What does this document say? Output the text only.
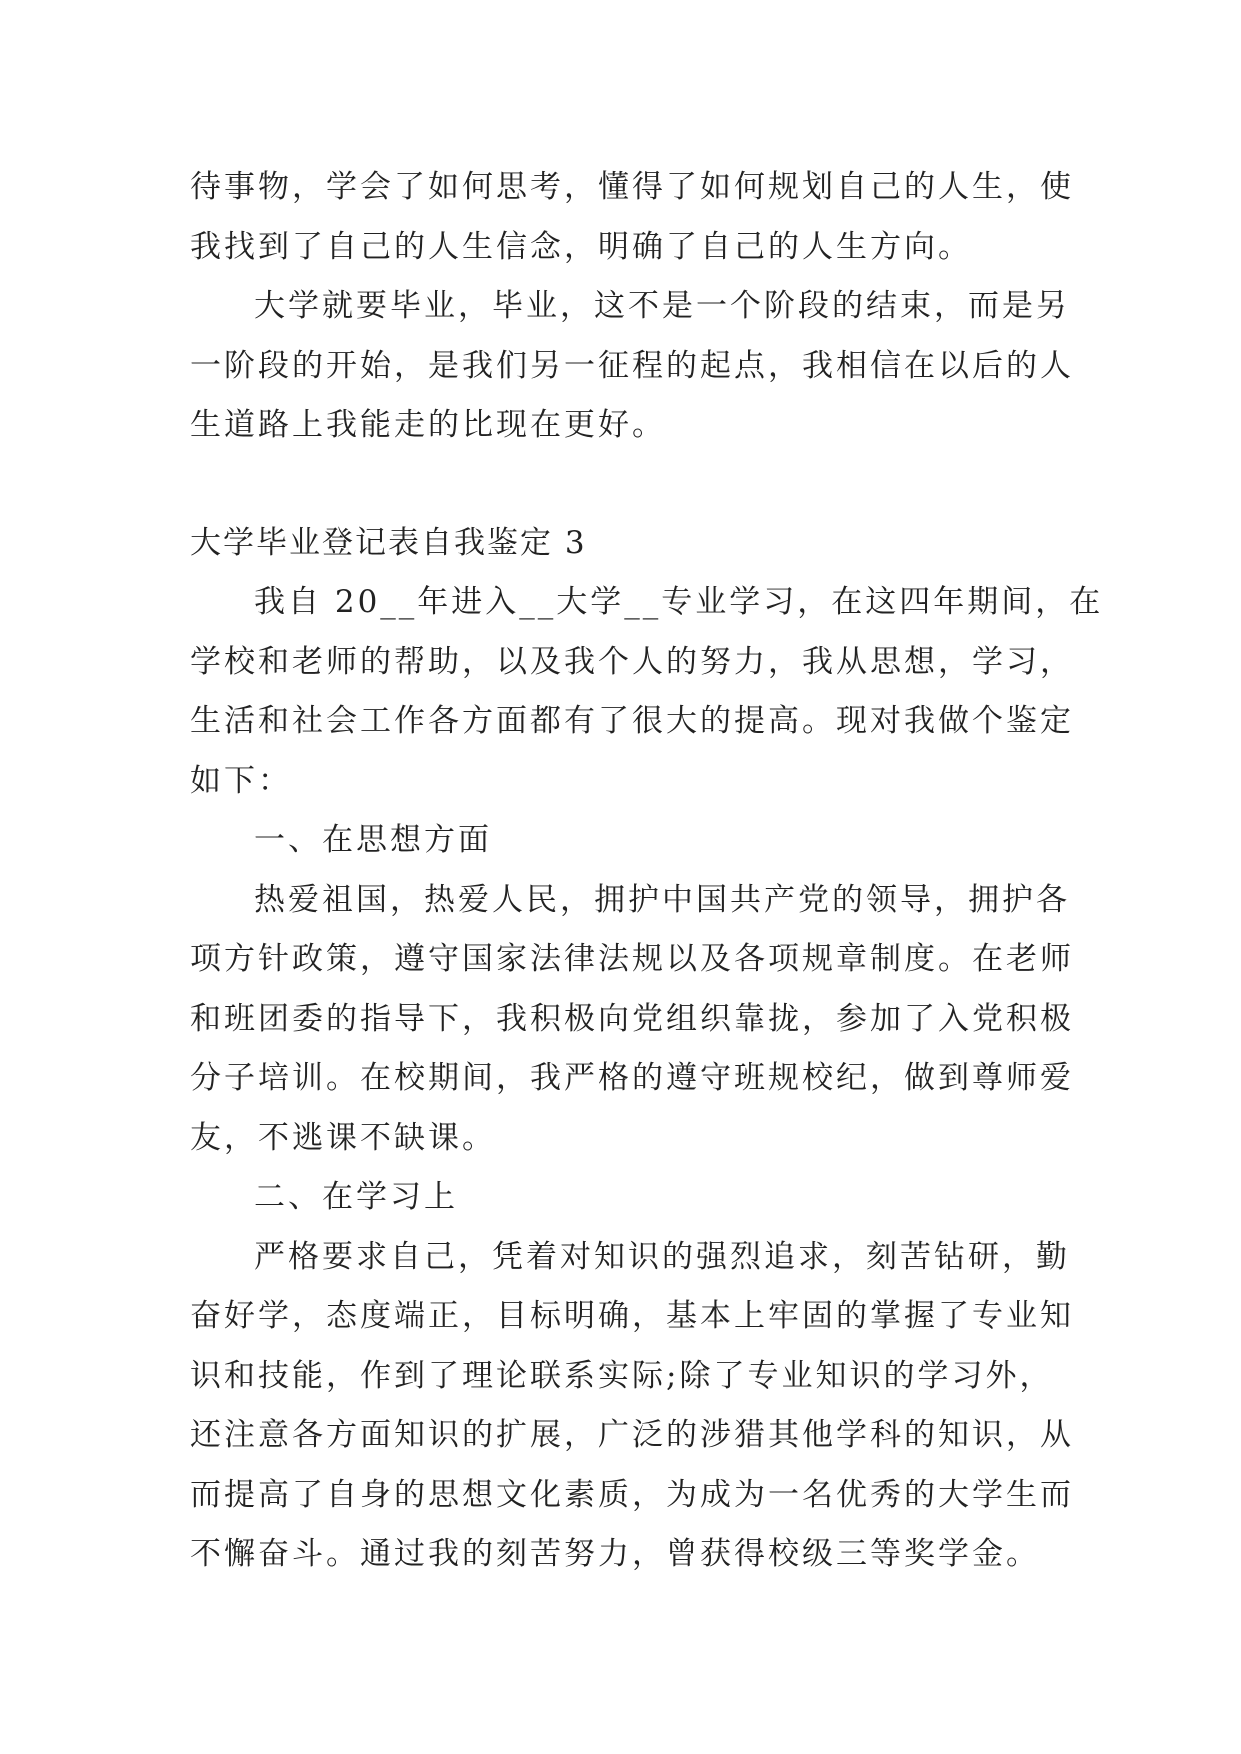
待事物，学会了如何思考，懂得了如何规划自己的人生，使
我找到了自己的人生信念，明确了自己的人生方向。
大学就要毕业，毕业，这不是一个阶段的结束，而是另
一阶段的开始，是我们另一征程的起点，我相信在以后的人
生道路上我能走的比现在更好。
大学毕业登记表自我鉴定 3
我自 20__年进入__大学__专业学习，在这四年期间，在
学校和老师的帮助，以及我个人的努力，我从思想，学习，
生活和社会工作各方面都有了很大的提高。现对我做个鉴定
如下：
一、在思想方面
热爱祖国，热爱人民，拥护中国共产党的领导，拥护各
项方针政策，遵守国家法律法规以及各项规章制度。在老师
和班团委的指导下，我积极向党组织靠拢，参加了入党积极
分子培训。在校期间，我严格的遵守班规校纪，做到尊师爱
友，不逃课不缺课。
二、在学习上
严格要求自己，凭着对知识的强烈追求，刻苦钻研，勤
奋好学，态度端正，目标明确，基本上牢固的掌握了专业知
识和技能，作到了理论联系实际;除了专业知识的学习外，
还注意各方面知识的扩展，广泛的涉猎其他学科的知识，从
而提高了自身的思想文化素质，为成为一名优秀的大学生而
不懈奋斗。通过我的刻苦努力，曾获得校级三等奖学金。
